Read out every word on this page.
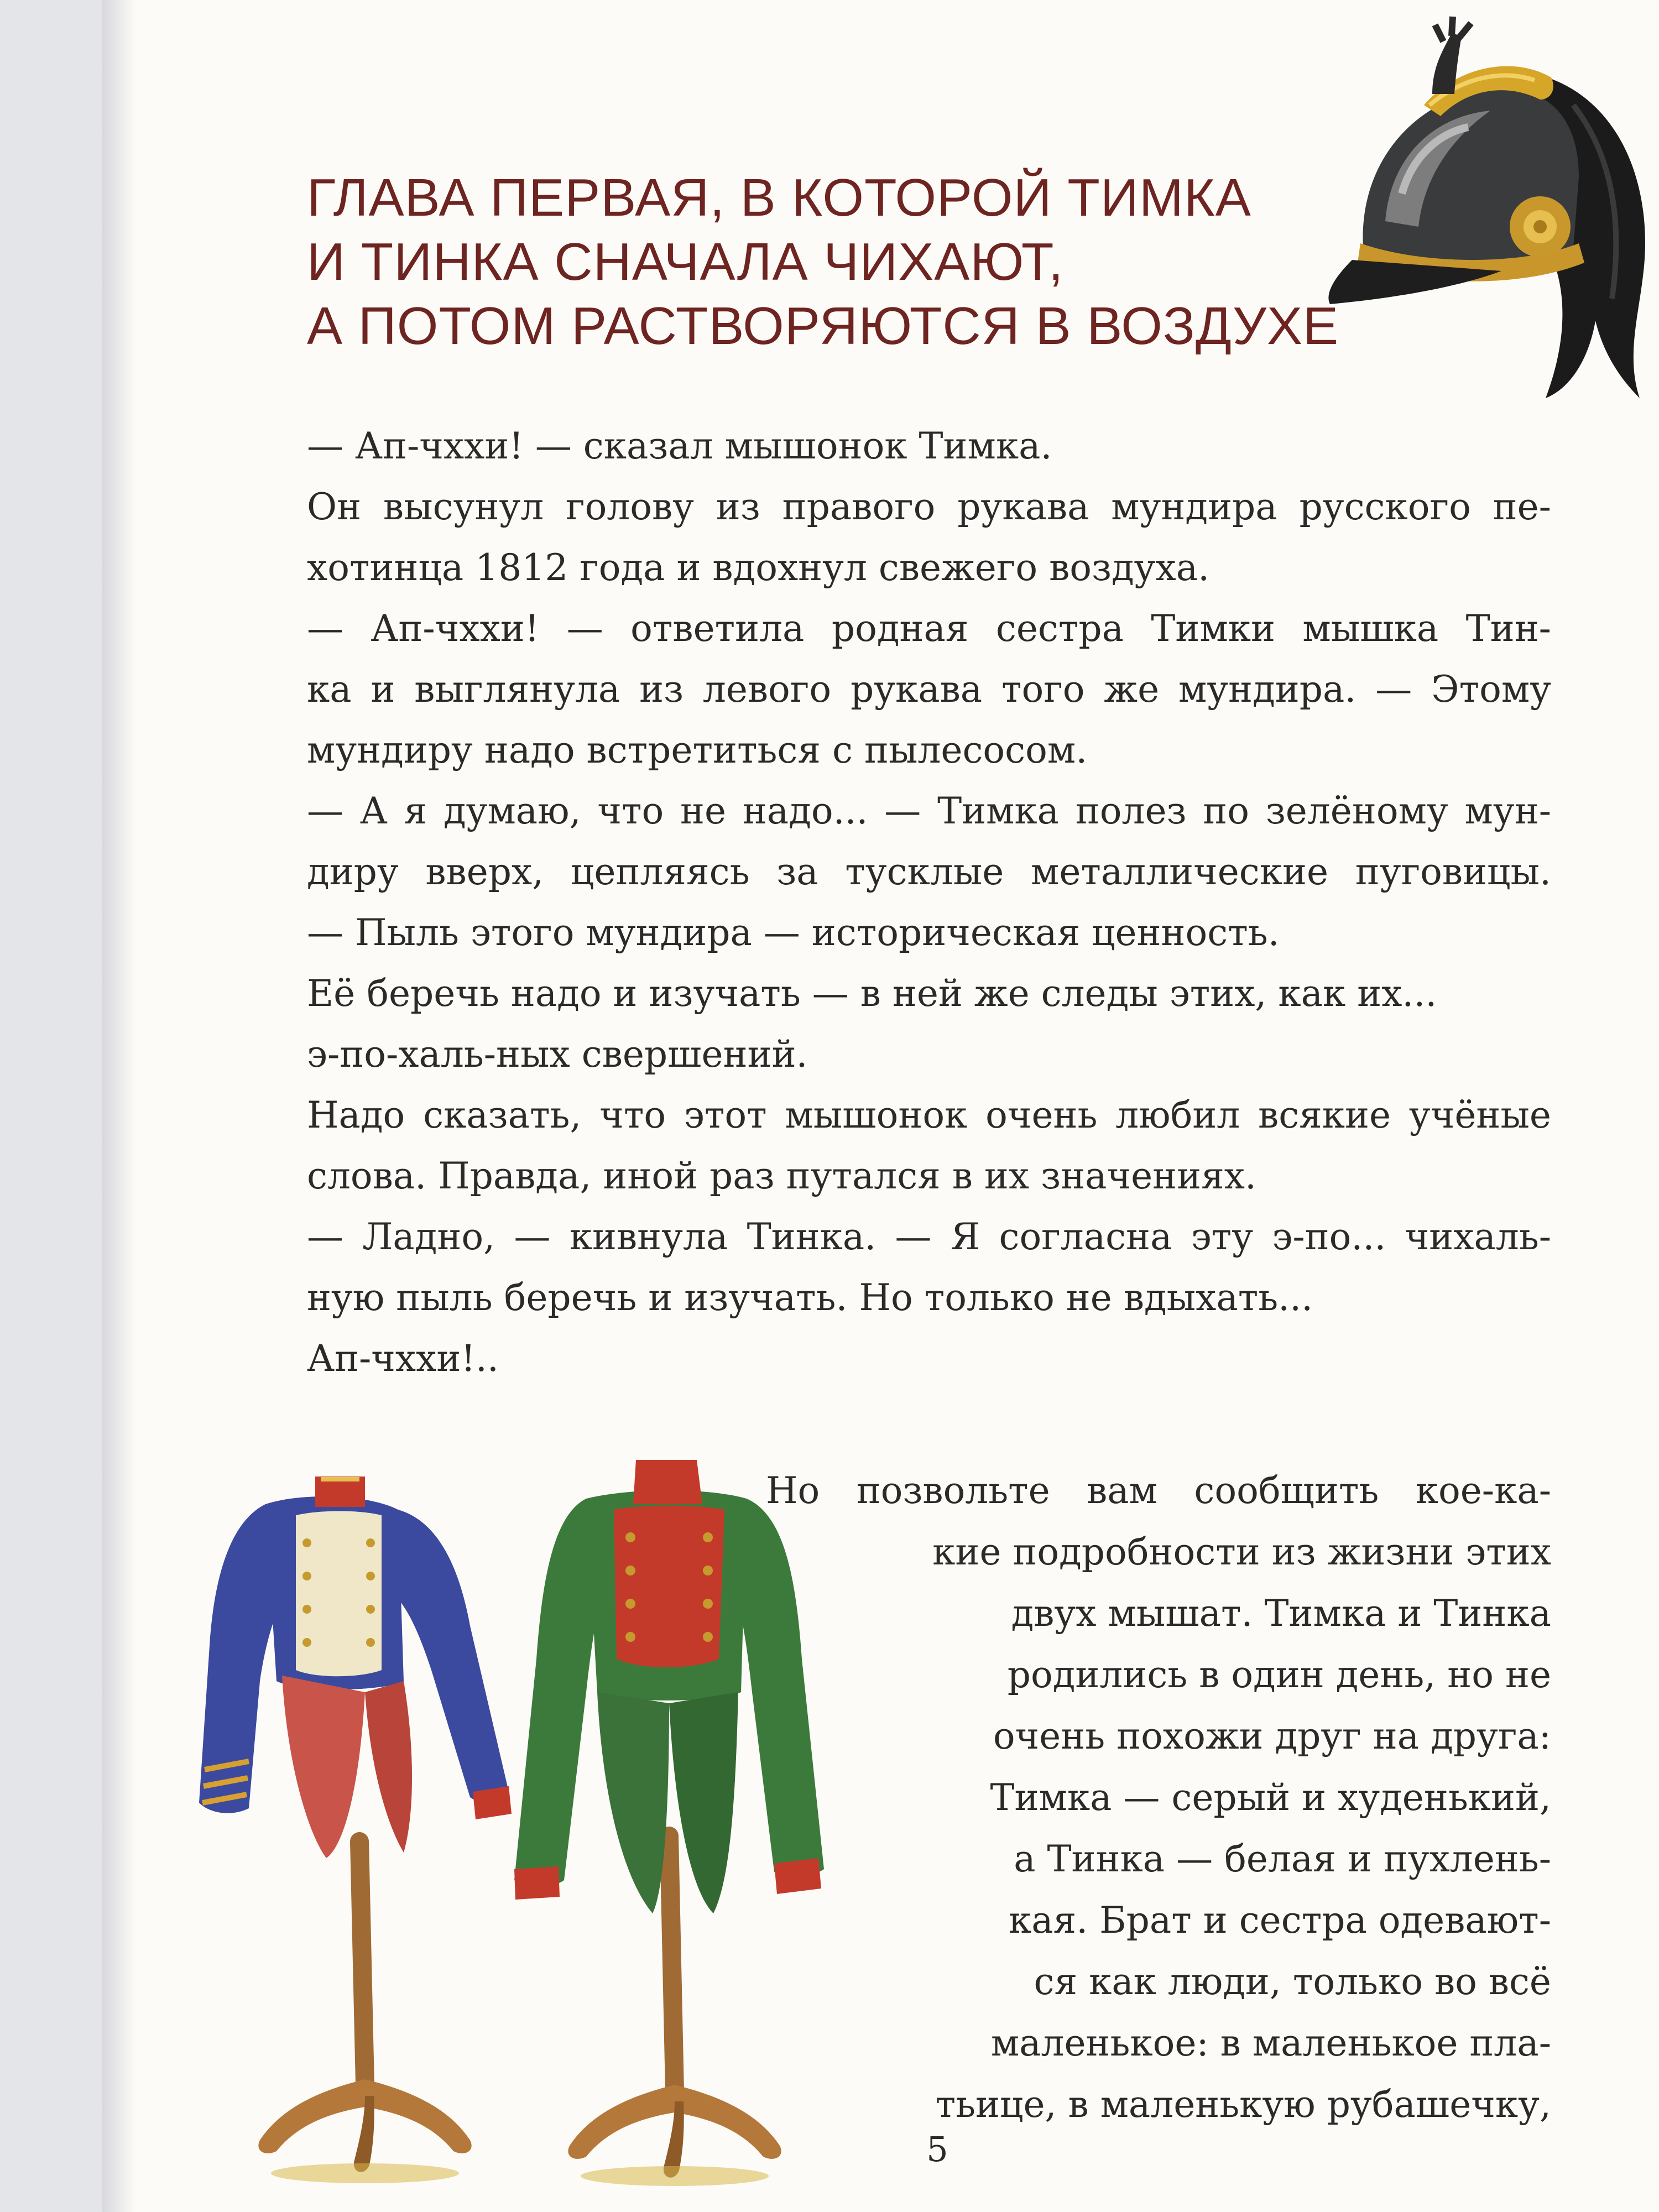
ГЛАВА ПЕРВАЯ, В КОТОРОЙ ТИМКА
И ТИНКА СНАЧАЛА ЧИХАЮТ,
А ПОТОМ РАСТВОРЯЮТСЯ В ВОЗДУХЕ

— Ап-чххи! — сказал мышонок Тимка.

Он высунул голову из правого рукава мундира русского пе-

хотинца 1812 года и вдохнул свежего воздуха.

— Ап-чххи! — ответила родная сестра Тимки мышка Тин-

ка и выглянула из левого рукава того же мундира. — Этому

мундиру надо встретиться с пылесосом.

— А я думаю, что не надо... — Тимка полез по зелёному мун-

диру вверх, цепляясь за тусклые металлические пуговицы.

— Пыль этого мундира — историческая ценность.

Её беречь надо и изучать — в ней же следы этих, как их...

э-по-халь-ных свершений.

Надо сказать, что этот мышонок очень любил всякие учёные

слова. Правда, иной раз путался в их значениях.

— Ладно, — кивнула Тинка. — Я согласна эту э-по... чихаль-

ную пыль беречь и изучать. Но только не вдыхать...

Ап-чххи!..

Но позвольте вам сообщить кое-ка-

кие подробности из жизни этих

двух мышат. Тимка и Тинка

родились в один день, но не

очень похожи друг на друга:

Тимка — серый и худенький,

а Тинка — белая и пухлень-

кая. Брат и сестра одевают-

ся как люди, только во всё

маленькое: в маленькое пла-

тьице, в маленькую рубашечку,

5
